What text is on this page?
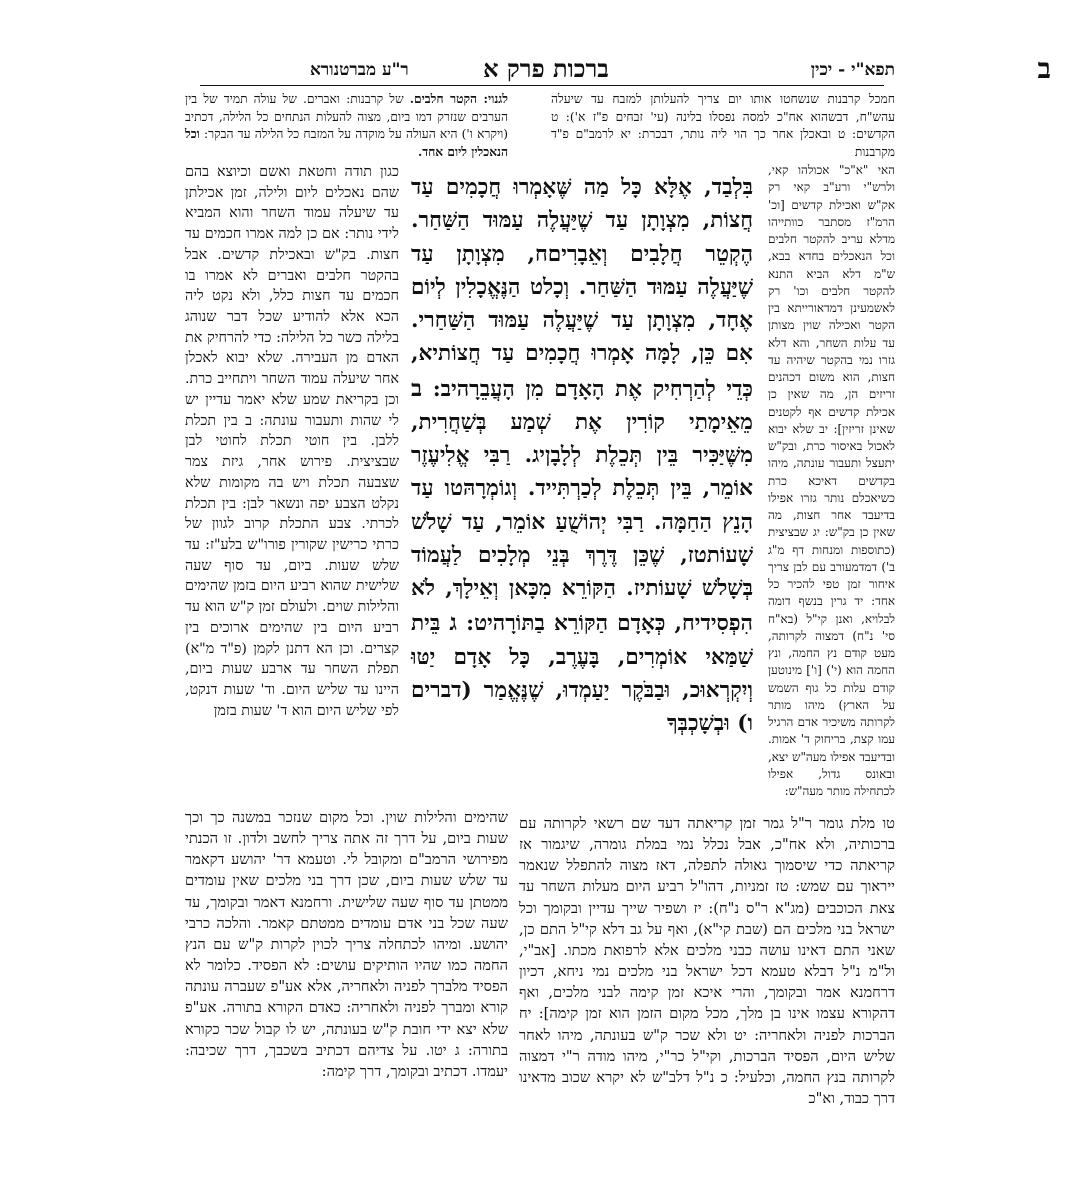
ב
תפא"י - יכין
ברכות פרק א
ר"ע מברטנורא

חמכל קרבנות שנשחטו אותו יום צריך להעלותן למזבח עד שיעלה עהש"ח, דבשהוא אח"כ למסה נפסלו בלינה (עי' זבחים פ"ז א'): ט הקדשים: ט ובאכלן אחר כך הוי ליה נותר, דבכרת: יא לרמב"ם פ"ד מקרבנות

האי "א"כ" אכולהו קאי, ולרש"י ורע"ב קאי רק אק"ש ואכילת קדשים [וכ' הרמ"ז מסתבר כוותייהו מדלא עריב להקטר חלבים וכל הנאכלים בחדא בבא, ש"מ דלא הביא התנא להקטר חלבים וכו' רק לאשמעינן דמדאורייתא בין הקטר ואכילה שוין מצותן עד עלות השחר, והא דלא גזרו נמי בהקטר שיהיה עד חצות, הוא משום דכהנים זריזים הן, מה שאין כן אכילת קדשים אף לקטנים שאינן זריזין]: יב שלא יבוא לאכול באיסור כרת, ובק"ש יתעצל ותעבור עונתה, מיהו בקדשים דאיכא כרת כשיאכלם נותר גזרו אפילו בדיעבד אחר חצות, מה שאין כן בק"ש: יג שבציצית (כתוספות ומנחות דף מ"ג ב') דמדמעורב עם לבן צריך איחור זמן טפי להכיר כל אחד: יד גרין בנשף דומה לבלויא, ואנן קי"ל (בא"ח סי' נ"ח) דמצוה לקרותה, מעט קודם נץ החמה, ונץ החמה הוא (י') [ו'] מינוטען קודם עלות כל גוף השמש על הארץ) מיהו מותר לקרותה משיכיר אדם הרגיל עמו קצת, בריחוק ד' אמות. ובדיעבד אפילו מעה"ש יצא, ובאונס גדול, אפילו לכתחילה מותר מעה"ש:

בִּלְבַד, אֶלָּא כָּל מַה שֶּׁאָמְרוּ חֲכָמִים עַד חֲצוֹת, מִצְוָתָן עַד שֶׁיַּעֲלֶה עַמּוּד הַשַּׁחַר. הֶקְטֵר חֲלָבִים וְאֵבָרִיםח, מִצְוָתָן עַד שֶׁיַּעֲלֶה עַמּוּד הַשַּׁחַר. וְכָלט הַנֶּאֱכָלִין לְיוֹם אֶחָד, מִצְוָתָן עַד שֶׁיַּעֲלֶה עַמּוּד הַשַּׁחַרי. אִם כֵּן, לָמָּה אָמְרוּ חֲכָמִים עַד חֲצוֹתיא, כְּדֵי לְהַרְחִיק אֶת הָאָדָם מִן הָעֲבֵרָהיב: ב מֵאֵימָתַי קוֹרִין אֶת שְׁמַע בְּשַׁחֲרִית, מִשֶּׁיַּכִּיר בֵּין תְּכֵלֶת לְלָבָןיג. רַבִּי אֱלִיעֶזֶר אוֹמֵר, בֵּין תְּכֵלֶת לְכַרְתִּייד. וְגוֹמְרָהּטו עַד הָנֵץ הַחַמָּה. רַבִּי יְהוֹשֻׁעַ אוֹמֵר, עַד שָׁלֹשׁ שָׁעוֹתטז, שֶׁכֵּן דֶּרֶךְ בְּנֵי מְלָכִים לַעֲמוֹד בְּשָׁלֹשׁ שָׁעוֹתיז. הַקּוֹרֵא מִכָּאן וְאֵילָךְ, לֹא הִפְסִידיח, כְּאָדָם הַקּוֹרֵא בַתּוֹרָהיט: ג בֵּית שַׁמַּאי אוֹמְרִים, בָּעֶרֶב, כָּל אָדָם יַטּוּ וְיִקְרְאוּכ, וּבַבֹּקֶר יַעַמְדוּ, שֶׁנֶּאֱמַר (דברים ו) וּבְשָׁכְבְּךָ

לגנוי: הקטר חלבים. של קרבנות: ואברים. של עולה תמיד של בין הערבים שנזרק דמו ביום, מצוה להעלות הנתחים כל הלילה, דכתיב (ויקרא ו') היא העולה על מוקדה על המזבח כל הלילה עד הבקר: וכל הנאכלין ליום אחד.

כגון תודה וחטאת ואשם וכיוצא בהם שהם נאכלים ליום ולילה, זמן אכילתן עד שיעלה עמוד השחר והוא המביא לידי נותר: אם כן למה אמרו חכמים עד חצות. בק"ש ובאכילת קדשים. אבל בהקטר חלבים ואברים לא אמרו בו חכמים עד חצות כלל, ולא נקט ליה הכא אלא להודיע שכל דבר שנוהג בלילה כשר כל הלילה: כדי להרחיק את האדם מן העבירה. שלא יבוא לאכלן אחר שיעלה עמוד השחר ויתחייב כרת. וכן בקריאת שמע שלא יאמר עדיין יש לי שהות ותעבור עונתה: ב בין תכלת ללבן. בין חוטי תכלת לחוטי לבן שבציצית. פירוש אחר, גיזת צמר שצבעה תכלת ויש בה מקומות שלא נקלט הצבע יפה ונשאר לבן: בין תכלת לכרתי. צבע התכלת קרוב לגוון של כרתי כרישין שקורין פורו"ש בלע"ז: עד שלש שעות. ביום, עד סוף שעה שלישית שהוא רביע היום בזמן שהימים והלילות שוים. ולעולם זמן ק"ש הוא עד רביע היום בין שהימים ארוכים בין קצרים. וכן הא דתנן לקמן (פ"ד מ"א) תפלת השחר עד ארבע שעות ביום, היינו עד שליש היום. וד' שעות דנקט, לפי שליש היום הוא ד' שעות בזמן

שהימים והלילות שוין. וכל מקום שנזכר במשנה כך וכך שעות ביום, על דרך זה אתה צריך לחשב ולדון. זו הכנתי מפירושי הרמב"ם ומקובל לי. וטעמא דר' יהושע דקאמר עד שלש שעות ביום, שכן דרך בני מלכים שאין עומדים ממטתן עד סוף שעה שלישית. ורחמנא דאמר ובקומך, עד שעה שכל בני אדם עומדים ממטתם קאמר. והלכה כרבי יהושע. ומיהו לכתחלה צריך לכוין לקרות ק"ש עם הנץ החמה כמו שהיו הותיקים עושים: לא הפסיד. כלומר לא הפסיד מלברך לפניה ולאחריה, אלא אע"פ שעברה עונתה קורא ומברך לפניה ולאחריה: כאדם הקורא בתורה. אע"פ שלא יצא ידי חובת ק"ש בעונתה, יש לו קבול שכר כקורא בתורה: ג יטו. על צדיהם דכתיב בשכבך, דרך שכיבה: יעמדו. דכתיב ובקומך, דרך קימה:

טו מלת גומר ר"ל גמר זמן קריאתה דעד שם רשאי לקרותה עם ברכותיה, ולא אח"כ, אבל נכלל נמי במלת גומרה, שיגמור אז קריאתה כדי שיסמוך גאולה לתפלה, דאז מצוה להתפלל שנאמר ייראוך עם שמש: טז זמניות, דהו"ל רביע היום מעלות השחר עד צאת הכוכבים (מג"א ר"ס נ"ח): יז ושפיר שייך עדיין ובקומך וכל ישראל בני מלכים הם (שבת קי"א), ואף על גב דלא קי"ל התם כן, שאני התם דאינו עושה כבני מלכים אלא לרפואת מכתו. [אב"י, ול"מ נ"ל דבלא טעמא דכל ישראל בני מלכים נמי ניחא, דכיון דרחמנא אמר ובקומך, והרי איכא זמן קימה לבני מלכים, ואף דהקורא עצמו אינו בן מלך, מכל מקום הזמן הוא זמן קימה]: יח הברכות לפניה ולאחריה: יט ולא שכר ק"ש בעונתה, מיהו לאחר שליש היום, הפסיד הברכות, וקי"ל כר"י, מיהו מודה ר"י דמצוה לקרותה בנץ החמה, וכלעיל: כ נ"ל דלב"ש לא יקרא שכוב מדאינו דרך כבוד, וא"כ
